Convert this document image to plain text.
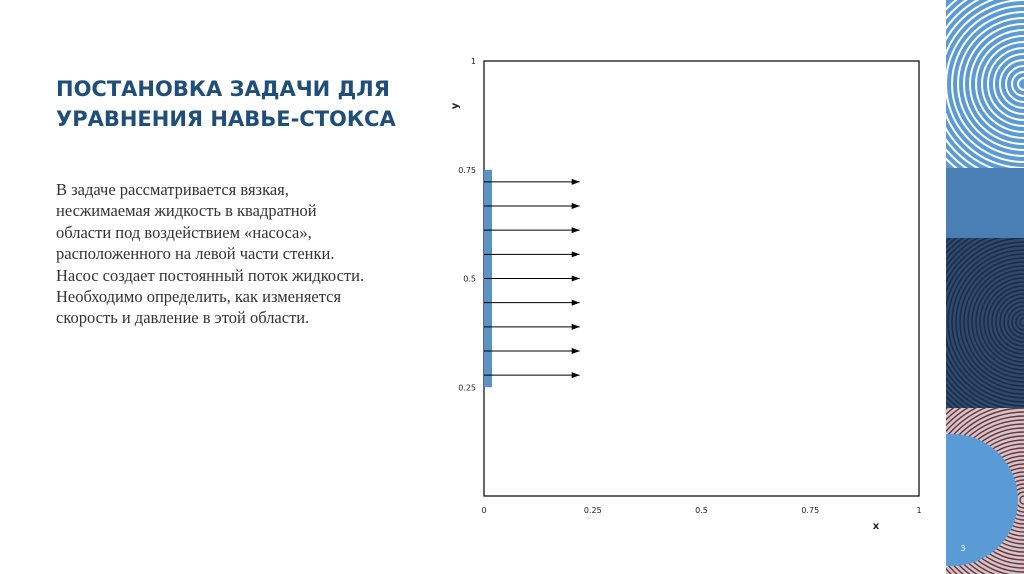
ПОСТАНОВКА ЗАДАЧИ ДЛЯ
УРАВНЕНИЯ НАВЬЕ-СТОКСА
В задаче рассматривается вязкая,
несжимаемая жидкость в квадратной
области под воздействием «насоса»,
расположенного на левой части стенки.
Насос создает постоянный поток жидкости.
Необходимо определить, как изменяется
скорость и давление в этой области.
0	0.25	0.5	0.75	1
0.25
0.5
0.75
1
x
y
3
